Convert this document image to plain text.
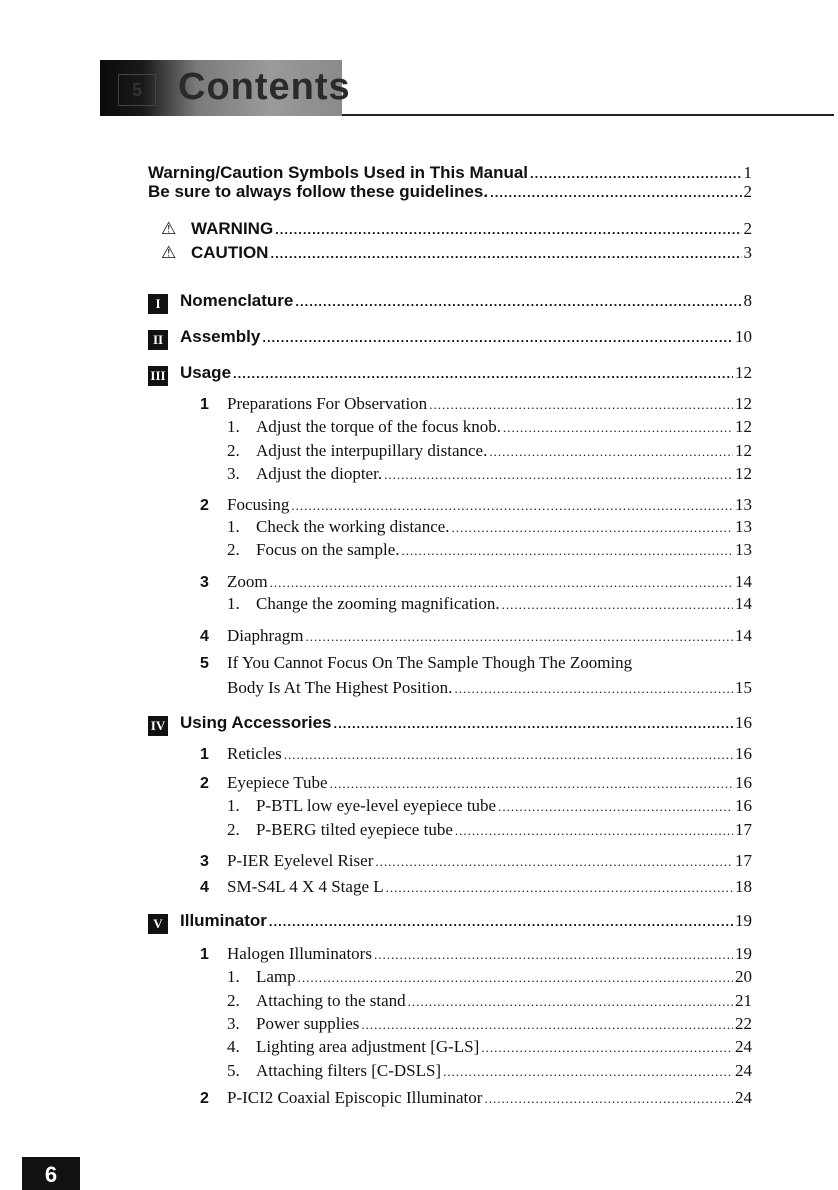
5 Contents
Warning/Caution Symbols Used in This Manual .....	1
Be sure to always follow these guidelines. .....	2
⚠ WARNING .....	2
⚠ CAUTION .....	3
I Nomenclature .....	8
II Assembly .....	10
III Usage .....	12
1 Preparations For Observation .....	12
1. Adjust the torque of the focus knob. .....	12
2. Adjust the interpupillary distance. .....	12
3. Adjust the diopter. .....	12
2 Focusing .....	13
1. Check the working distance. .....	13
2. Focus on the sample. .....	13
3 Zoom .....	14
1. Change the zooming magnification. .....	14
4 Diaphragm .....	14
5 If You Cannot Focus On The Sample Though The Zooming
Body Is At The Highest Position. .....	15
IV Using Accessories .....	16
1 Reticles .....	16
2 Eyepiece Tube .....	16
1. P-BTL low eye-level eyepiece tube .....	16
2. P-BERG tilted eyepiece tube .....	17
3 P-IER Eyelevel Riser .....	17
4 SM-S4L 4 X 4 Stage L .....	18
V Illuminator .....	19
1 Halogen Illuminators .....	19
1. Lamp .....	20
2. Attaching to the stand .....	21
3. Power supplies .....	22
4. Lighting area adjustment [G-LS] .....	24
5. Attaching filters [C-DSLS] .....	24
2 P-ICI2 Coaxial Episcopic Illuminator .....	24
6
